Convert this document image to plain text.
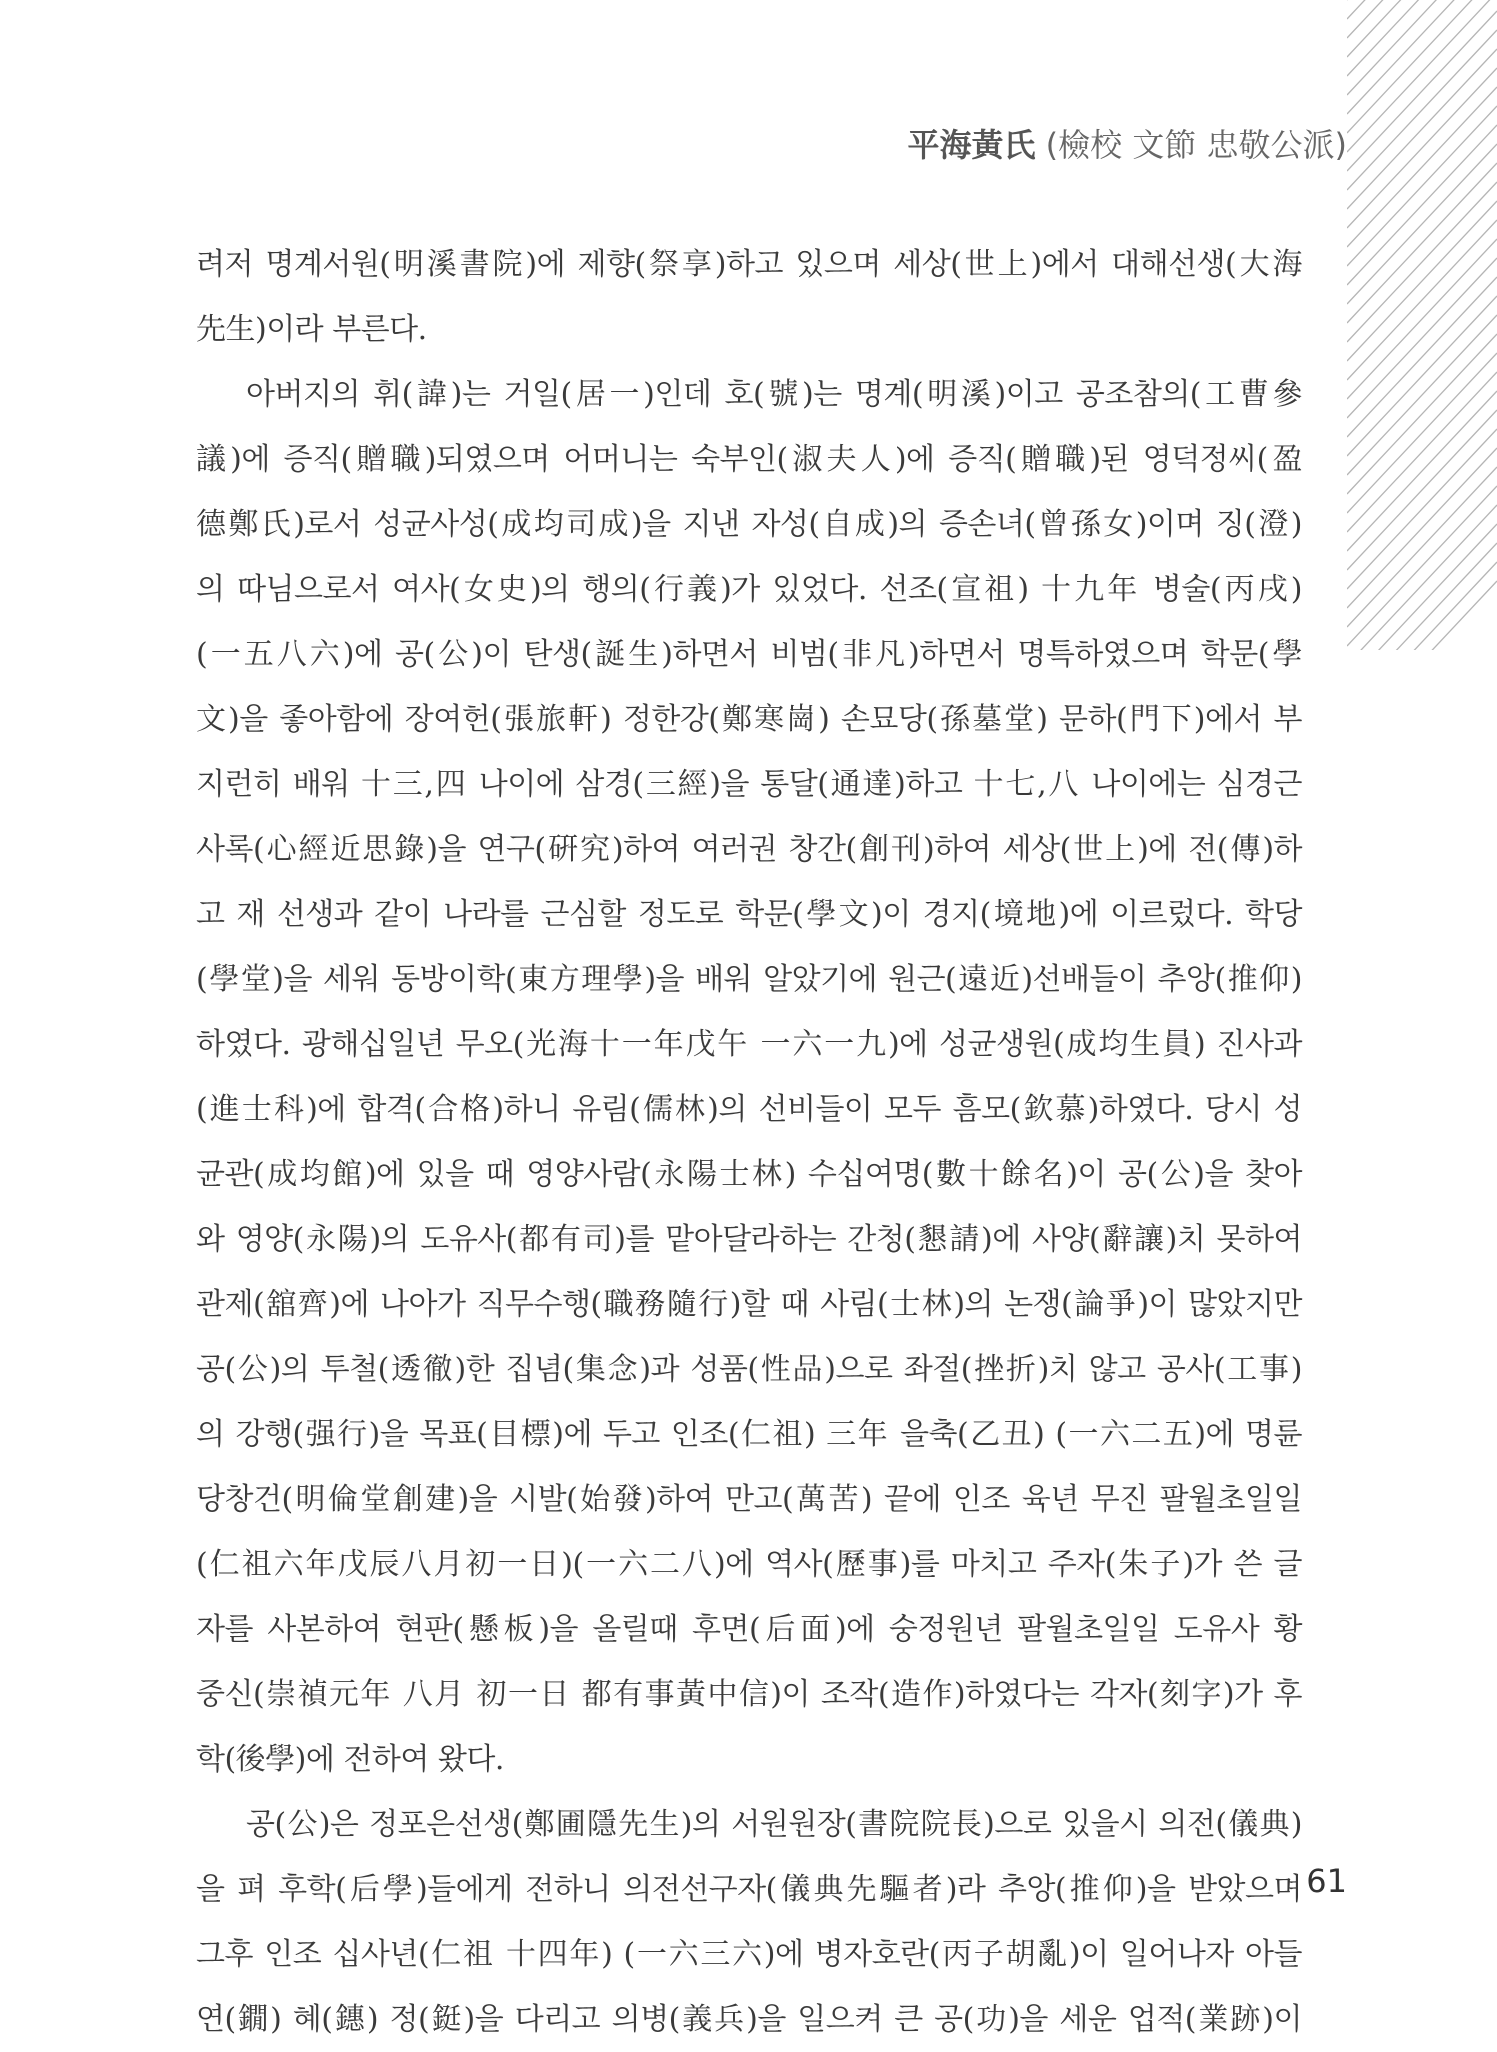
平海黃氏 (檢校 文節 忠敬公派)
려저 명계서원(明溪書院)에 제향(祭享)하고 있으며 세상(世上)에서 대해선생(大海
先生)이라 부른다.
아버지의 휘(諱)는 거일(居一)인데 호(號)는 명계(明溪)이고 공조참의(工曹參
議)에 증직(贈職)되였으며 어머니는 숙부인(淑夫人)에 증직(贈職)된 영덕정씨(盈
德鄭氏)로서 성균사성(成均司成)을 지낸 자성(自成)의 증손녀(曾孫女)이며 징(澄)
의 따님으로서 여사(女史)의 행의(行義)가 있었다. 선조(宣祖) 十九年 병술(丙戌)
(一五八六)에 공(公)이 탄생(誕生)하면서 비범(非凡)하면서 명특하였으며 학문(學
文)을 좋아함에 장여헌(張旅軒) 정한강(鄭寒崗) 손묘당(孫墓堂) 문하(門下)에서 부
지런히 배워 十三,四 나이에 삼경(三經)을 통달(通達)하고 十七,八 나이에는 심경근
사록(心經近思錄)을 연구(硏究)하여 여러권 창간(創刊)하여 세상(世上)에 전(傳)하
고 재 선생과 같이 나라를 근심할 정도로 학문(學文)이 경지(境地)에 이르렀다. 학당
(學堂)을 세워 동방이학(東方理學)을 배워 알았기에 원근(遠近)선배들이 추앙(推仰)
하였다. 광해십일년 무오(光海十一年戊午 一六一九)에 성균생원(成均生員) 진사과
(進士科)에 합격(合格)하니 유림(儒林)의 선비들이 모두 흠모(欽慕)하였다. 당시 성
균관(成均館)에 있을 때 영양사람(永陽士林) 수십여명(數十餘名)이 공(公)을 찾아
와 영양(永陽)의 도유사(都有司)를 맡아달라하는 간청(懇請)에 사양(辭讓)치 못하여
관제(舘齊)에 나아가 직무수행(職務隨行)할 때 사림(士林)의 논쟁(論爭)이 많았지만
공(公)의 투철(透徹)한 집념(集念)과 성품(性品)으로 좌절(挫折)치 않고 공사(工事)
의 강행(强行)을 목표(目標)에 두고 인조(仁祖) 三年 을축(乙丑) (一六二五)에 명륜
당창건(明倫堂創建)을 시발(始發)하여 만고(萬苦) 끝에 인조 육년 무진 팔월초일일
(仁祖六年戊辰八月初一日)(一六二八)에 역사(歷事)를 마치고 주자(朱子)가 쓴 글
자를 사본하여 현판(懸板)을 올릴때 후면(后面)에 숭정원년 팔월초일일 도유사 황
중신(崇禎元年 八月 初一日 都有事黃中信)이 조작(造作)하였다는 각자(刻字)가 후
학(後學)에 전하여 왔다.
공(公)은 정포은선생(鄭圃隱先生)의 서원원장(書院院長)으로 있을시 의전(儀典)
을 펴 후학(后學)들에게 전하니 의전선구자(儀典先驅者)라 추앙(推仰)을 받았으며
그후 인조 십사년(仁祖 十四年) (一六三六)에 병자호란(丙子胡亂)이 일어나자 아들
연(鐗) 혜(鏸) 정(鋌)을 다리고 의병(義兵)을 일으켜 큰 공(功)을 세운 업적(業跡)이
61
